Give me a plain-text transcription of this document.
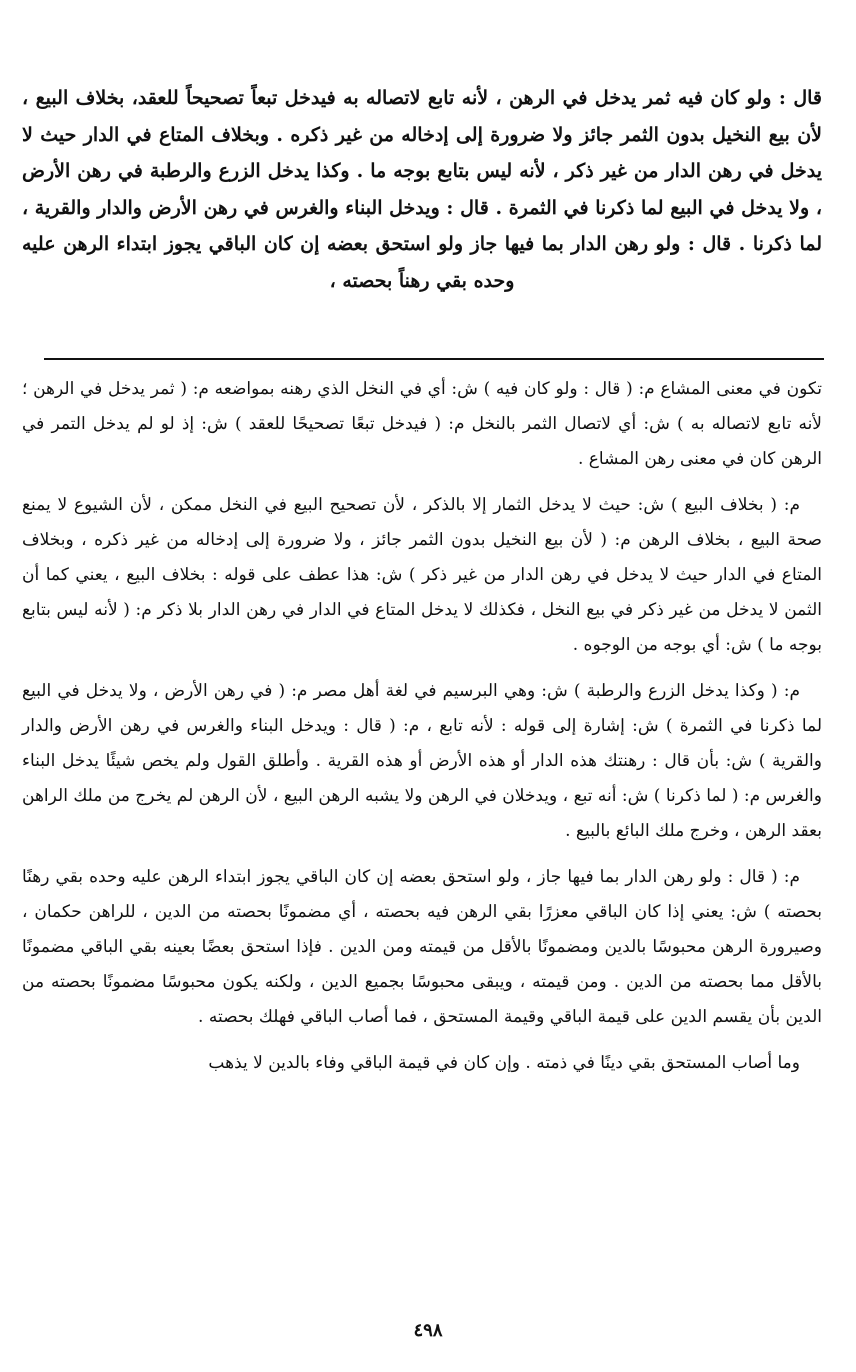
قال : ولو كان فيه ثمر يدخل في الرهن ، لأنه تابع لاتصاله به فيدخل تبعاً تصحيحاً للعقد، بخلاف البيع ، لأن بيع النخيل بدون الثمر جائز ولا ضرورة إلى إدخاله من غير ذكره . وبخلاف المتاع في الدار حيث لا يدخل في رهن الدار من غير ذكر ، لأنه ليس بتابع بوجه ما . وكذا يدخل الزرع والرطبة في رهن الأرض ، ولا يدخل في البيع لما ذكرنا في الثمرة . قال : ويدخل البناء والغرس في رهن الأرض والدار والقرية ، لما ذكرنا . قال : ولو رهن الدار بما فيها جاز ولو استحق بعضه إن كان الباقي يجوز ابتداء الرهن عليه وحده بقي رهناً بحصته ،

تكون في معنى المشاع م: ( قال : ولو كان فيه ) ش: أي في النخل الذي رهنه بمواضعه م: ( ثمر يدخل في الرهن ؛ لأنه تابع لاتصاله به ) ش: أي لاتصال الثمر بالنخل م: ( فيدخل تبعًا تصحيحًا للعقد ) ش: إذ لو لم يدخل التمر في الرهن كان في معنى رهن المشاع .

م: ( بخلاف البيع ) ش: حيث لا يدخل الثمار إلا بالذكر ، لأن تصحيح البيع في النخل ممكن ، لأن الشيوع لا يمنع صحة البيع ، بخلاف الرهن م: ( لأن بيع النخيل بدون الثمر جائز ، ولا ضرورة إلى إدخاله من غير ذكره ، وبخلاف المتاع في الدار حيث لا يدخل في رهن الدار من غير ذكر ) ش: هذا عطف على قوله : بخلاف البيع ، يعني كما أن الثمن لا يدخل من غير ذكر في بيع النخل ، فكذلك لا يدخل المتاع في الدار في رهن الدار بلا ذكر م: ( لأنه ليس بتابع بوجه ما ) ش: أي بوجه من الوجوه .

م: ( وكذا يدخل الزرع والرطبة ) ش: وهي البرسيم في لغة أهل مصر م: ( في رهن الأرض ، ولا يدخل في البيع لما ذكرنا في الثمرة ) ش: إشارة إلى قوله : لأنه تابع ، م: ( قال : ويدخل البناء والغرس في رهن الأرض والدار والقرية ) ش: بأن قال : رهنتك هذه الدار أو هذه الأرض أو هذه القرية . وأطلق القول ولم يخص شيئًا يدخل البناء والغرس م: ( لما ذكرنا ) ش: أنه تبع ، ويدخلان في الرهن ولا يشبه الرهن البيع ، لأن الرهن لم يخرج من ملك الراهن بعقد الرهن ، وخرج ملك البائع بالبيع .

م: ( قال : ولو رهن الدار بما فيها جاز ، ولو استحق بعضه إن كان الباقي يجوز ابتداء الرهن عليه وحده بقي رهنًا بحصته ) ش: يعني إذا كان الباقي معزرًا بقي الرهن فيه بحصته ، أي مضمونًا بحصته من الدين ، للراهن حكمان ، وصيرورة الرهن محبوسًا بالدين ومضمونًا بالأقل من قيمته ومن الدين . فإذا استحق بعضًا بعينه بقي الباقي مضمونًا بالأقل مما بحصته من الدين . ومن قيمته ، ويبقى محبوسًا بجميع الدين ، ولكنه يكون محبوسًا مضمونًا بحصته من الدين بأن يقسم الدين على قيمة الباقي وقيمة المستحق ، فما أصاب الباقي فهلك بحصته .

وما أصاب المستحق بقي دينًا في ذمته . وإن كان في قيمة الباقي وفاء بالدين لا يذهب

٤٩٨
